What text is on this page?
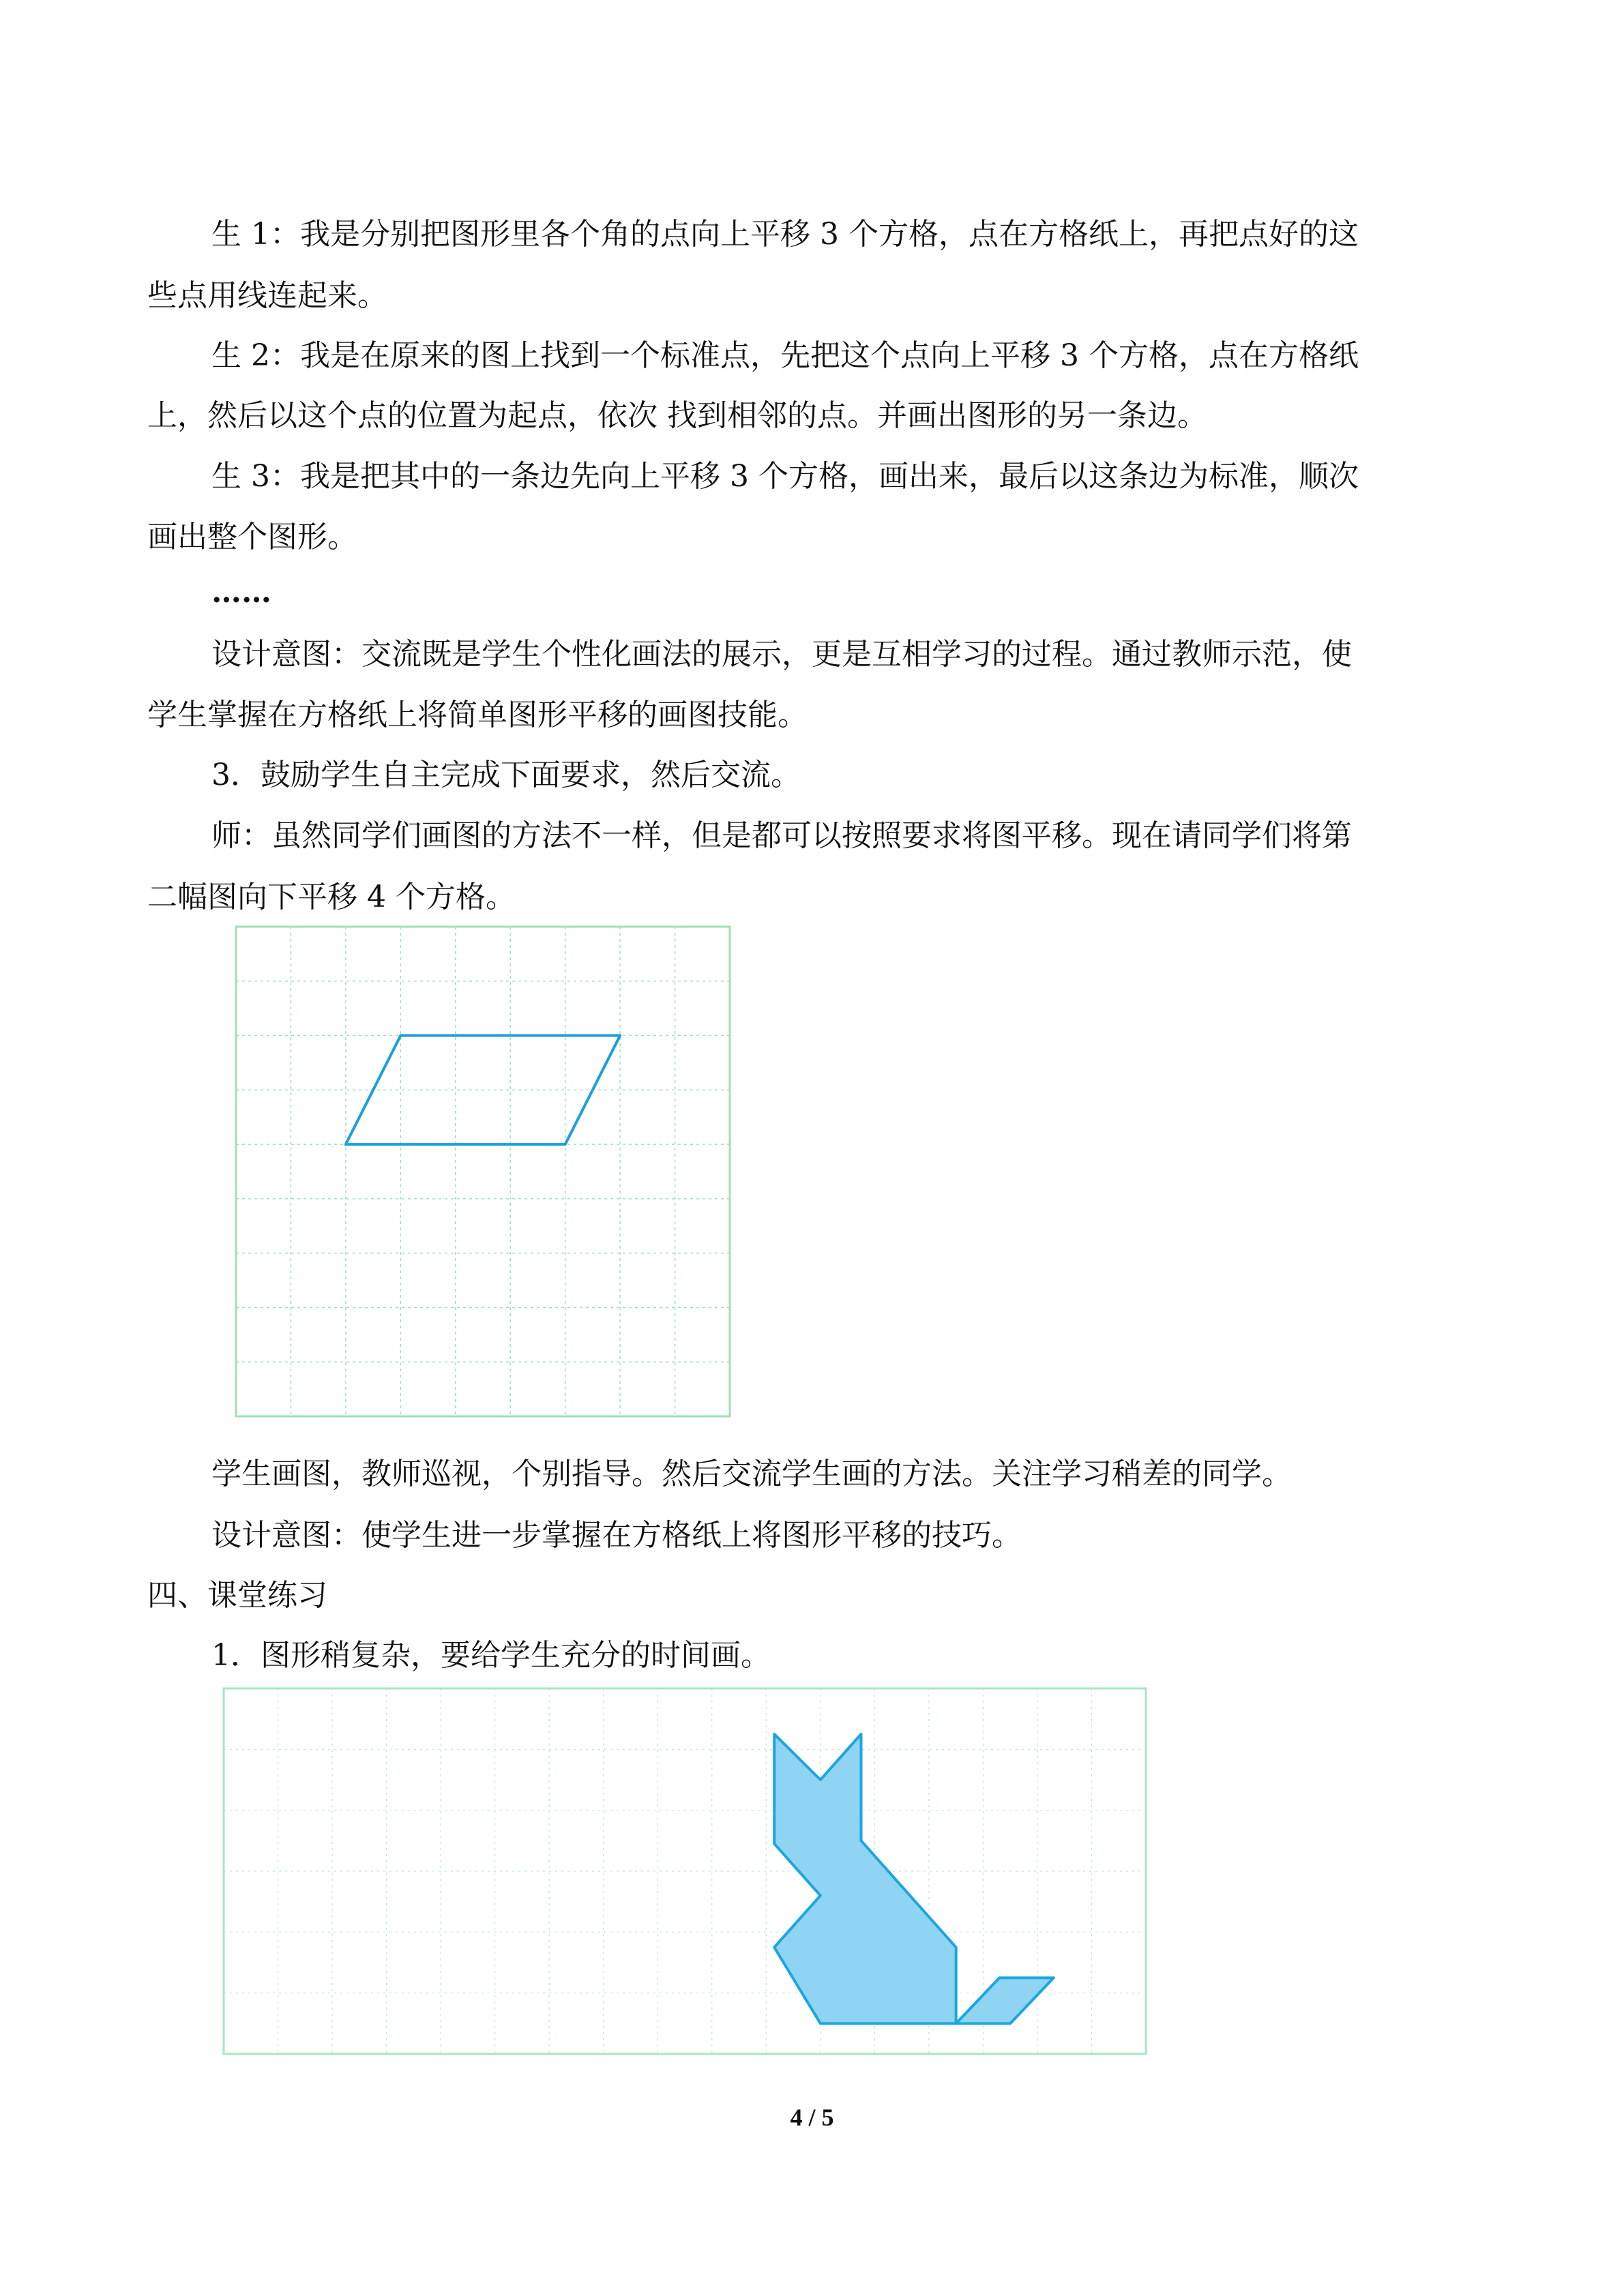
生 1：我是分别把图形里各个角的点向上平移 3 个方格，点在方格纸上，再把点好的这
些点用线连起来。
生 2：我是在原来的图上找到一个标准点，先把这个点向上平移 3 个方格，点在方格纸
上，然后以这个点的位置为起点，依次 找到相邻的点。并画出图形的另一条边。
生 3：我是把其中的一条边先向上平移 3 个方格，画出来，最后以这条边为标准，顺次
画出整个图形。
……
设计意图：交流既是学生个性化画法的展示，更是互相学习的过程。通过教师示范，使
学生掌握在方格纸上将简单图形平移的画图技能。
3．鼓励学生自主完成下面要求，然后交流。
师：虽然同学们画图的方法不一样，但是都可以按照要求将图平移。现在请同学们将第
二幅图向下平移 4 个方格。
学生画图，教师巡视，个别指导。然后交流学生画的方法。关注学习稍差的同学。
设计意图：使学生进一步掌握在方格纸上将图形平移的技巧。
四、课堂练习
1．图形稍复杂，要给学生充分的时间画。
4 / 5
